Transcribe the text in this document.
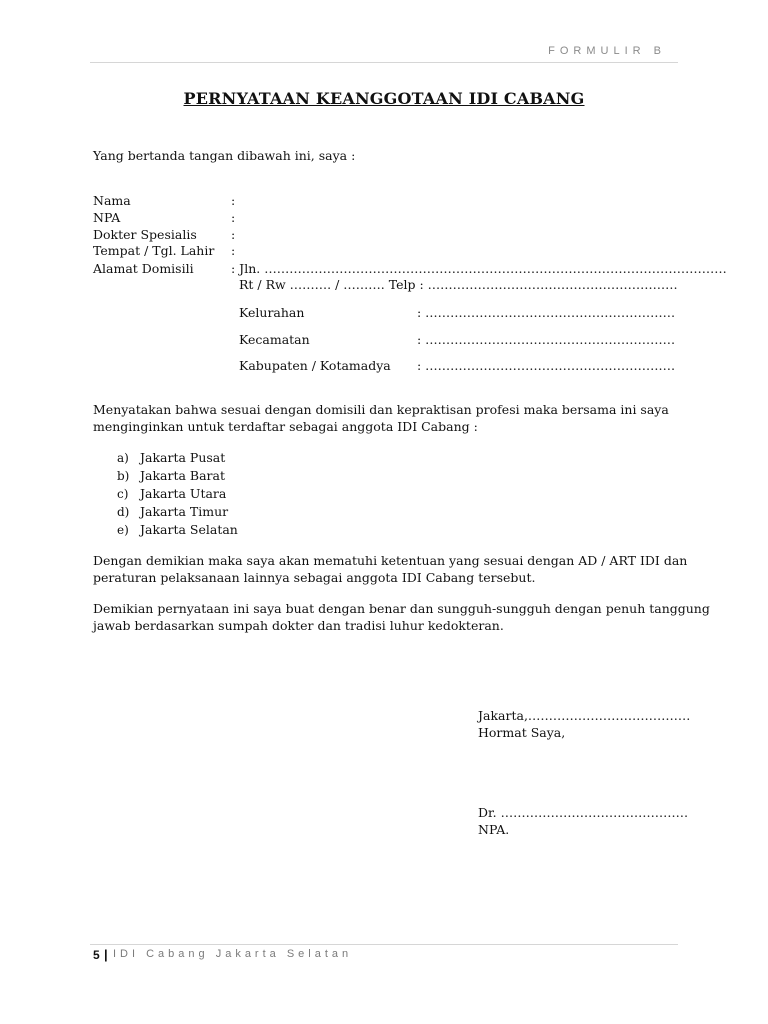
FORMULIR B
PERNYATAAN KEANGGOTAAN IDI CABANG
Yang bertanda tangan dibawah ini, saya :
Nama	:
NPA	:
Dokter Spesialis	:
Tempat / Tgl. Lahir :
Alamat Domisili	: Jln. …………………………………………………………………………………………………
Rt / Rw ………. / ………. Telp : ……………………………………………………
Kelurahan	: ……………………………………………………
Kecamatan	: ……………………………………………………
Kabupaten / Kotamadya : ……………………………………………………
Menyatakan bahwa sesuai dengan domisili dan kepraktisan profesi maka bersama ini saya
menginginkan untuk terdaftar sebagai anggota IDI Cabang :
a) Jakarta Pusat
b) Jakarta Barat
c) Jakarta Utara
d) Jakarta Timur
e) Jakarta Selatan
Dengan demikian maka saya akan mematuhi ketentuan yang sesuai dengan AD / ART IDI dan
peraturan pelaksanaan lainnya sebagai anggota IDI Cabang tersebut.
Demikian pernyataan ini saya buat dengan benar dan sungguh-sungguh dengan penuh tanggung
jawab berdasarkan sumpah dokter dan tradisi luhur kedokteran.
Jakarta,…………………………………
Hormat Saya,
Dr. ………………………………………
NPA.
5 | IDI Cabang Jakarta Selatan
